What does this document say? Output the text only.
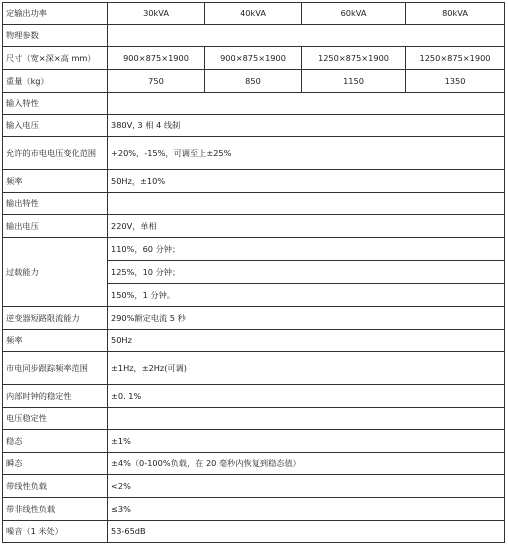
定输出功率	30kVA	40kVA	60kVA	80kVA
物理参数				
尺寸（宽×深×高 mm）	900×875×1900	900×875×1900	1250×875×1900	1250×875×1900
重量（kg）	750	850	1150	1350
输入特性				
输入电压	380V, 3 相 4 线制			
允许的市电电压变化范围	+20%，-15%，可调至上±25%			
频率	50Hz，±10%			
输出特性				
输出电压	220V，单相			
过载能力	110%，60 分钟；			
	125%，10 分钟；			
	150%，1 分钟。			
逆变器短路限流能力	290%额定电流 5 秒			
频率	50Hz			
市电同步跟踪频率范围	±1Hz，±2Hz(可调)			
内部时钟的稳定性	±0. 1%			
电压稳定性				
稳态	±1%			
瞬态	±4%（0-100%负载，在 20 毫秒内恢复到稳态值）			
带线性负载	<2%			
带非线性负载	≤3%			
噪音（1 米处）	53-65dB			
